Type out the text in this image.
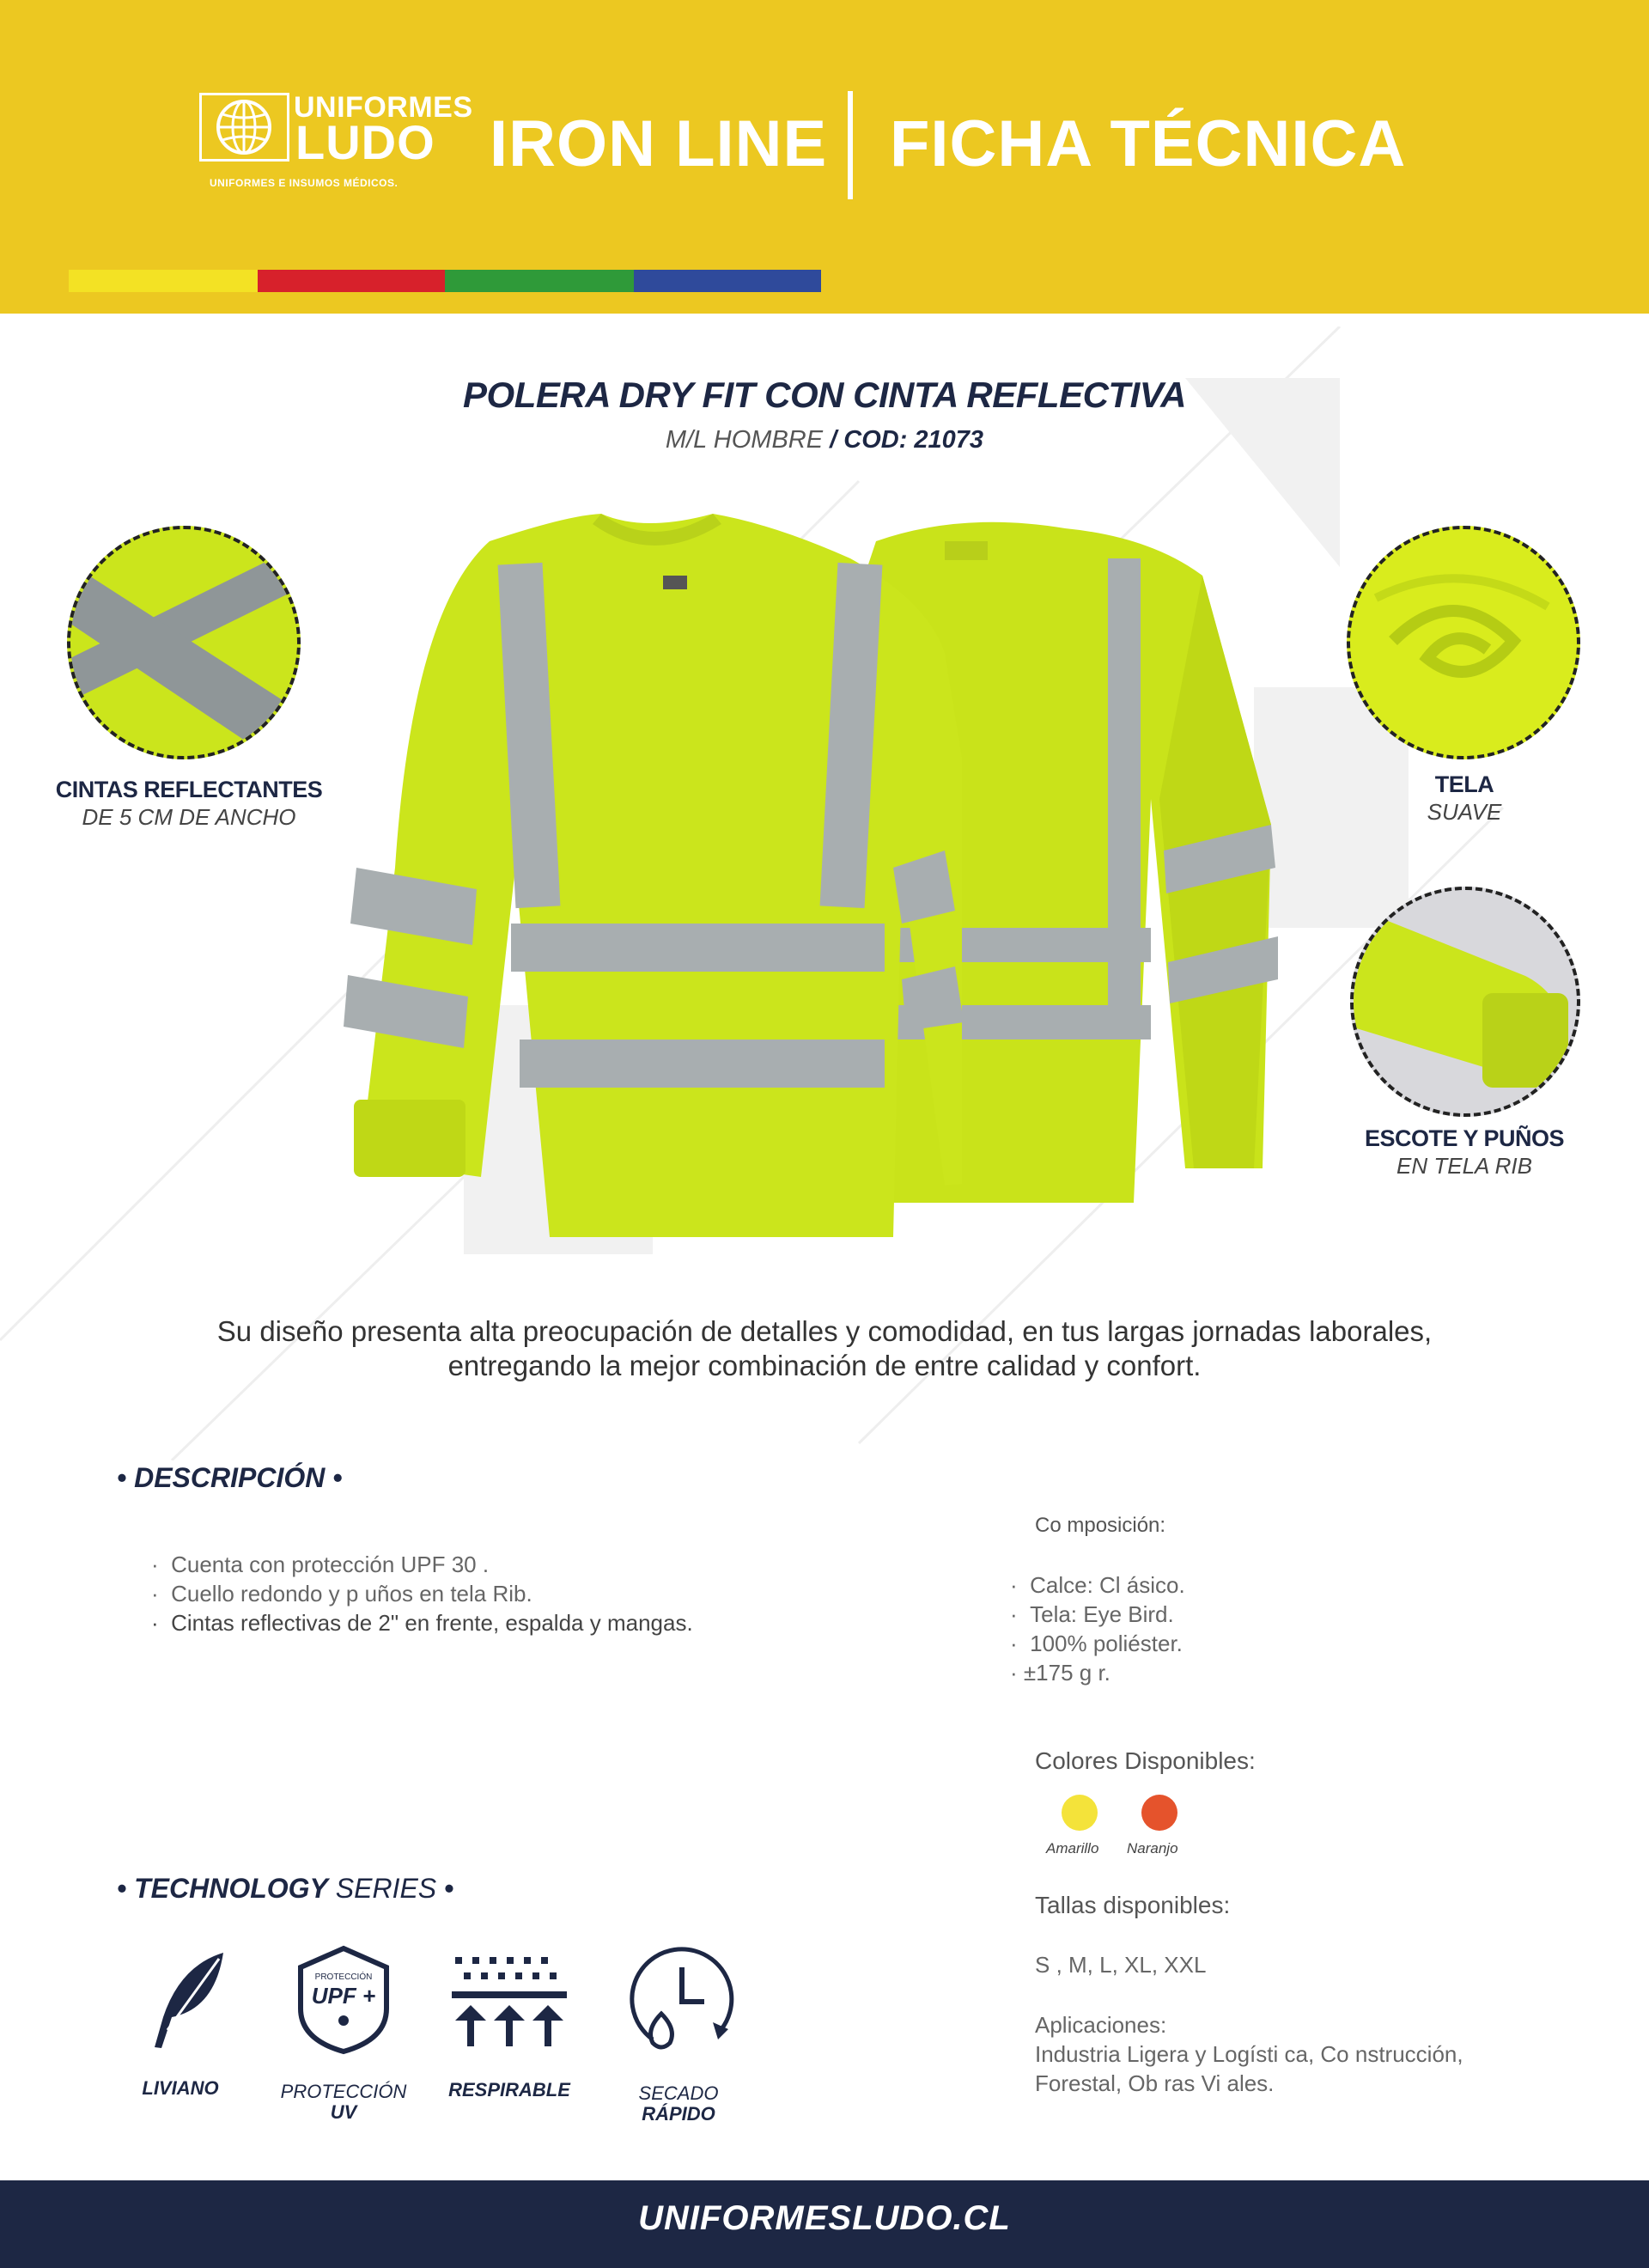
UNIFORMES
LUDO
UNIFORMES E INSUMOS MÉDICOS.
IRON LINE FICHA TÉCNICA
POLERA DRY FIT CON CINTA REFLECTIVA
M/L HOMBRE / COD: 21073
CINTAS REFLECTANTES
DE 5 CM DE ANCHO
TELA
SUAVE
ESCOTE Y PUÑOS
EN TELA RIB
Su diseño presenta alta preocupación de detalles y comodidad, en tus largas jornadas laborales,
entregando la mejor combinación de entre calidad y confort.
• DESCRIPCIÓN •
·  Cuenta con protección UPF 30 .
·  Cuello redondo y p uños en tela Rib.
·  Cintas reflectivas de 2" en frente, espalda y mangas.
Co mposición:
·  Calce: Cl ásico.
·  Tela: Eye Bird.
·  100% poliéster.
· ±175 g r.
Colores Disponibles:
Amarillo Naranjo
Tallas disponibles:
S , M, L, XL, XXL
Aplicaciones:
Industria Ligera y Logísti ca, Co nstrucción,
Forestal, Ob ras Vi ales.
• TECHNOLOGY SERIES •
LIVIANO
PROTECCIÓN
UPF +
PROTECCIÓN
UV
RESPIRABLE	SECADO
RÁPIDO
UNIFORMESLUDO.CL
